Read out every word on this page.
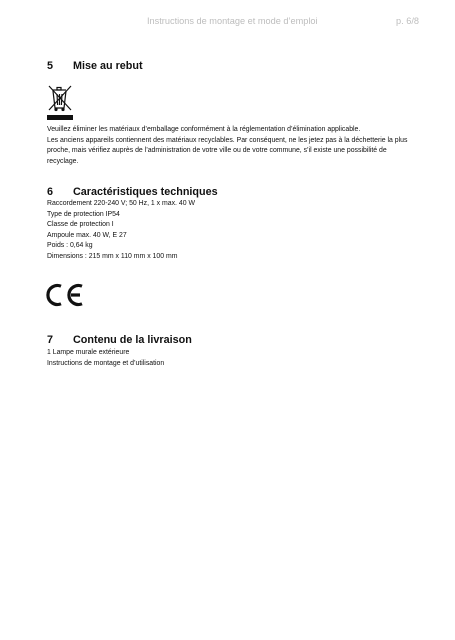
Instructions de montage et mode d’emploi	p. 6/8
5 Mise au rebut

Veuillez éliminer les matériaux d’emballage conformément à la réglementation d’élimination applicable.

Les anciens appareils contiennent des matériaux recyclables. Par conséquent, ne les jetez pas à la déchetterie la plus proche, mais vérifiez auprès de l’administration de votre ville ou de votre commune, s’il existe une possibilité de recyclage.

6 Caractéristiques techniques
Raccordement 220-240 V; 50 Hz, 1 x max. 40 W
Type de protection IP54
Classe de protection I
Ampoule max. 40 W, E 27
Poids : 0,64 kg
Dimensions : 215 mm x 110 mm x 100 mm
7 Contenu de la livraison
1 Lampe murale extérieure
Instructions de montage et d’utilisation
